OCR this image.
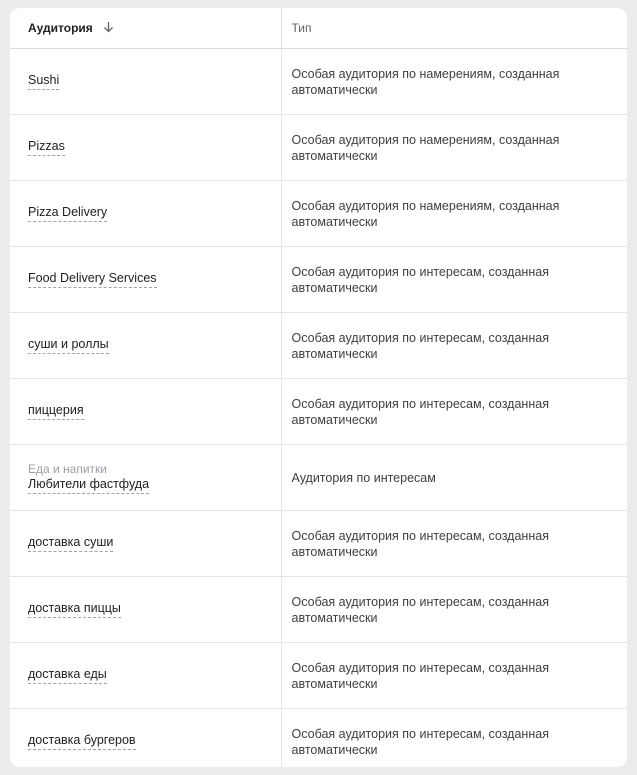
Аудитория	Тип
Sushi	Особая аудитория по намерениям, созданная автоматически
Pizzas	Особая аудитория по намерениям, созданная автоматически
Pizza Delivery	Особая аудитория по намерениям, созданная автоматически
Food Delivery Services	Особая аудитория по интересам, созданная автоматически
суши и роллы	Особая аудитория по интересам, созданная автоматически
пиццерия	Особая аудитория по интересам, созданная автоматически

Еда и напитки
Любители фастфуда	Аудитория по интересам
доставка суши	Особая аудитория по интересам, созданная автоматически
доставка пиццы	Особая аудитория по интересам, созданная автоматически
доставка еды	Особая аудитория по интересам, созданная автоматически
доставка бургеров	Особая аудитория по интересам, созданная автоматически
